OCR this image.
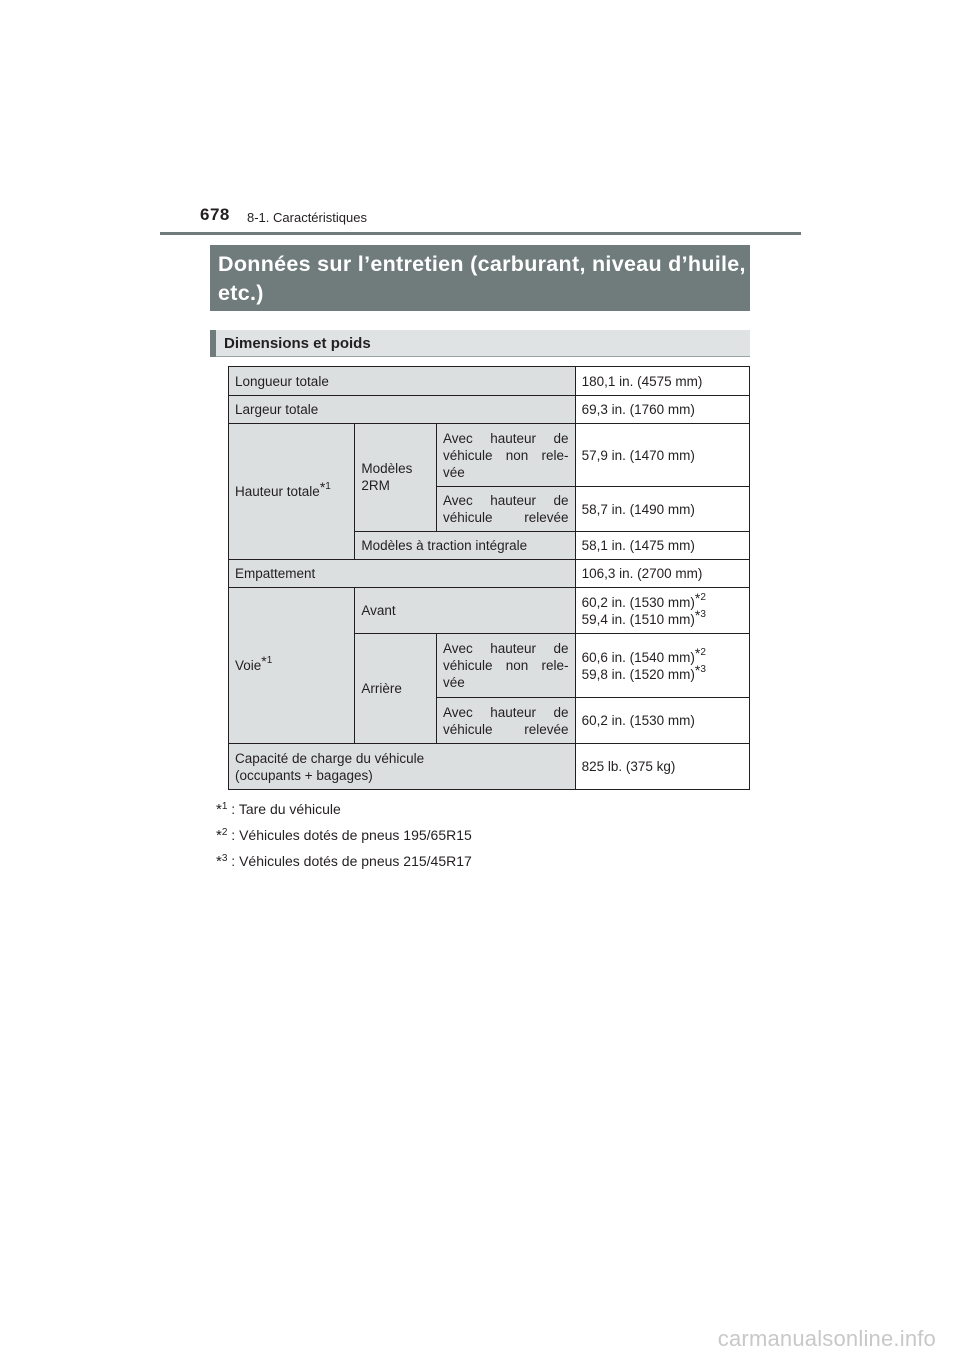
678 8-1. Caractéristiques
Données sur l’entretien (carburant, niveau d’huile, etc.)
Dimensions et poids
Longueur totale			180,1 in. (4575 mm)
Largeur totale			69,3 in. (1760 mm)
Hauteur totale$^{*^1}$	Modèles 2RM	Avec hauteur de véhicule non rele-vée	57,9 in. (1470 mm)
		Avec hauteur de véhicule relevée	58,7 in. (1490 mm)
	Modèles à traction intégrale		58,1 in. (1475 mm)
Empattement			106,3 in. (2700 mm)
Voie$^{*^1}$	Avant		60,2 in. (1530 mm)$^{*^2}$
59,4 in. (1510 mm)$^{*^3}$

	Arrière	Avec hauteur de véhicule non rele-vée	60,6 in. (1540 mm)$^{*^2}$
59,8 in. (1520 mm)$^{*^3}$

		Avec hauteur de véhicule relevée	60,2 in. (1530 mm)

Capacité de charge du véhicule
(occupants + bagages)			825 lb. (375 kg)
*$^1$ : Tare du véhicule
*$^2$ : Véhicules dotés de pneus 195/65R15
*$^3$ : Véhicules dotés de pneus 215/45R17
carmanualsonline.info
